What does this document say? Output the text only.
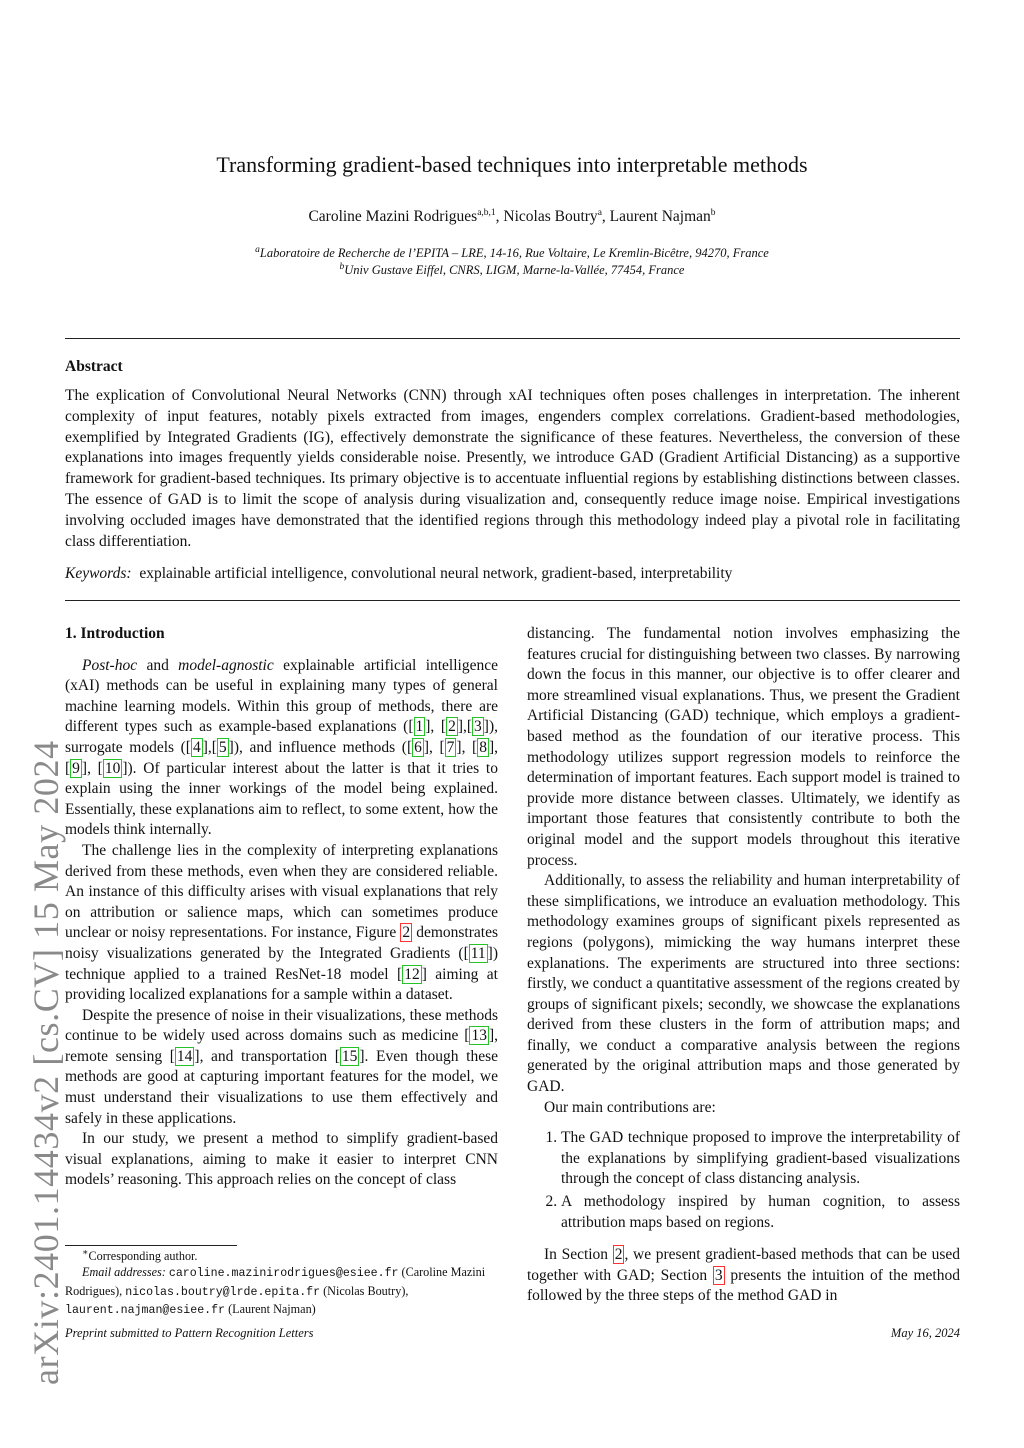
arXiv:2401.14434v2 [cs.CV] 15 May 2024
Transforming gradient-based techniques into interpretable methods
Caroline Mazini Rodrigues$^{a,b,1}$, Nicolas Boutry$^a$, Laurent Najman$^b$
$^a$Laboratoire de Recherche de l’EPITA – LRE, 14-16, Rue Voltaire, Le Kremlin-Bicêtre, 94270, France
$^b$Univ Gustave Eiffel, CNRS, LIGM, Marne-la-Vallée, 77454, France
Abstract
The explication of Convolutional Neural Networks (CNN) through xAI techniques often poses challenges in interpretation. The inherent complexity of input features, notably pixels extracted from images, engenders complex correlations. Gradient-based methodologies, exemplified by Integrated Gradients (IG), effectively demonstrate the significance of these features. Nevertheless, the conversion of these explanations into images frequently yields considerable noise. Presently, we introduce GAD (Gradient Artificial Distancing) as a supportive framework for gradient-based techniques. Its primary objective is to accentuate influential regions by establishing distinctions between classes. The essence of GAD is to limit the scope of analysis during visualization and, consequently reduce image noise. Empirical investigations involving occluded images have demonstrated that the identified regions through this methodology indeed play a pivotal role in facilitating class differentiation.
Keywords: explainable artificial intelligence, convolutional neural network, gradient-based, interpretability

1. Introduction

Post-hoc and model-agnostic explainable artificial intelligence (xAI) methods can be useful in explaining many types of general machine learning models. Within this group of methods, there are different types such as example-based explanations ([ 1 ], [ 2 ],[ 3 ]), surrogate models ([ 4 ],[ 5 ]), and influence methods ([ 6 ], [ 7 ], [ 8 ], [ 9 ], [ 10 ]). Of particular interest about the latter is that it tries to explain using the inner workings of the model being explained. Essentially, these explanations aim to reflect, to some extent, how the models think internally.

The challenge lies in the complexity of interpreting explanations derived from these methods, even when they are considered reliable. An instance of this difficulty arises with visual explanations that rely on attribution or salience maps, which can sometimes produce unclear or noisy representations. For instance, Figure 2 demonstrates noisy visualizations generated by the Integrated Gradients ([ 11 ]) technique applied to a trained ResNet-18 model [ 12 ] aiming at providing localized explanations for a sample within a dataset.

Despite the presence of noise in their visualizations, these methods continue to be widely used across domains such as medicine [ 13 ], remote sensing [ 14 ], and transportation [ 15 ]. Even though these methods are good at capturing important features for the model, we must understand their visualizations to use them effectively and safely in these applications.

In our study, we present a method to simplify gradient-based visual explanations, aiming to make it easier to interpret CNN models’ reasoning. This approach relies on the concept of class

distancing. The fundamental notion involves emphasizing the features crucial for distinguishing between two classes. By narrowing down the focus in this manner, our objective is to offer clearer and more streamlined visual explanations. Thus, we present the Gradient Artificial Distancing (GAD) technique, which employs a gradient-based method as the foundation of our iterative process. This methodology utilizes support regression models to reinforce the determination of important features. Each support model is trained to provide more distance between classes. Ultimately, we identify as important those features that consistently contribute to both the original model and the support models throughout this iterative process.

Additionally, to assess the reliability and human interpretability of these simplifications, we introduce an evaluation methodology. This methodology examines groups of significant pixels represented as regions (polygons), mimicking the way humans interpret these explanations. The experiments are structured into three sections: firstly, we conduct a quantitative assessment of the regions created by groups of significant pixels; secondly, we showcase the explanations derived from these clusters in the form of attribution maps; and finally, we conduct a comparative analysis between the regions generated by the original attribution maps and those generated by GAD.

Our main contributions are:

1. The GAD technique proposed to improve the interpretability of the explanations by simplifying gradient-based visualizations through the concept of class distancing analysis.
2. A methodology inspired by human cognition, to assess attribution maps based on regions.

In Section 2 , we present gradient-based methods that can be used together with GAD; Section 3 presents the intuition of the method followed by the three steps of the method GAD in

∗Corresponding author.
Email addresses: caroline.mazinirodrigues@esiee.fr (Caroline Mazini Rodrigues), nicolas.boutry@lrde.epita.fr (Nicolas Boutry),
laurent.najman@esiee.fr (Laurent Najman)
Preprint submitted to Pattern Recognition Letters	May 16, 2024
